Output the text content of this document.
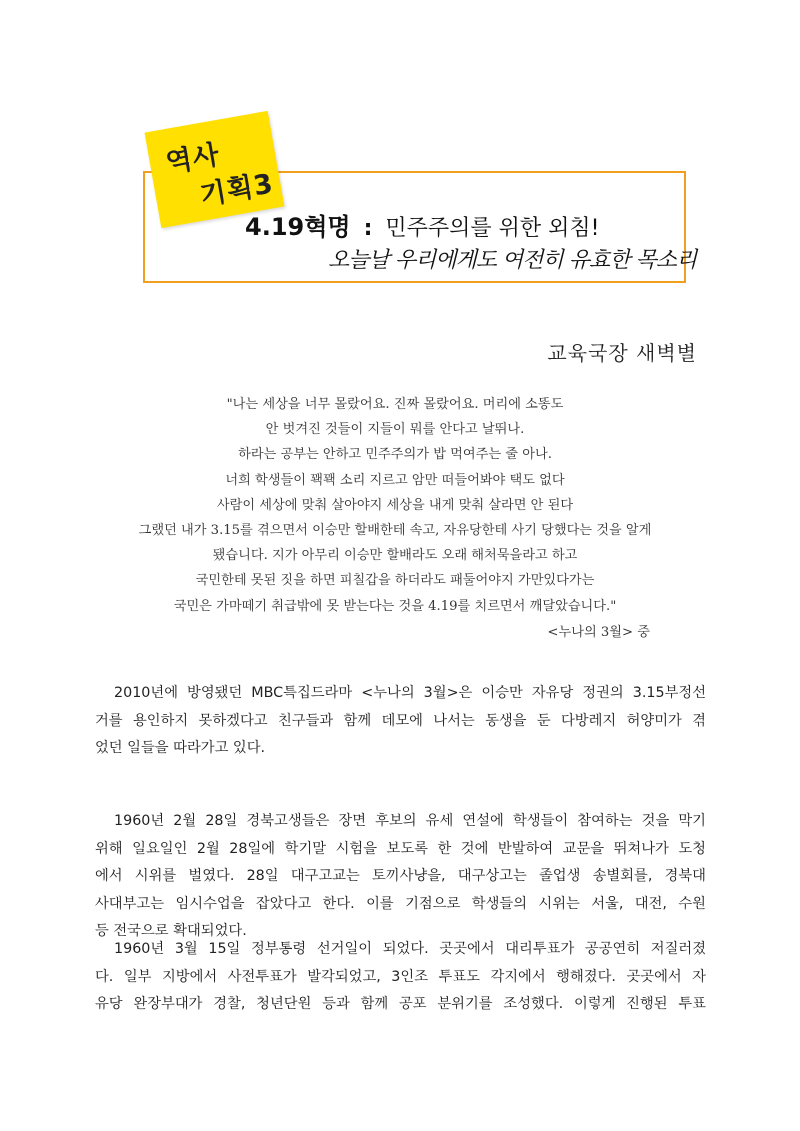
역사
기획3
4.19혁명 : 민주주의를 위한 외침!
오늘날 우리에게도 여전히 유효한 목소리
교육국장 새벽별
"나는 세상을 너무 몰랐어요. 진짜 몰랐어요. 머리에 소똥도
안 벗겨진 것들이 지들이 뭐를 안다고 날뛰나.
하라는 공부는 안하고 민주주의가 밥 먹여주는 줄 아나.
너희 학생들이 꽥꽥 소리 지르고 암만 떠들어봐야 택도 없다
사람이 세상에 맞춰 살아야지 세상을 내게 맞춰 살라면 안 된다
그랬던 내가 3.15를 겪으면서 이승만 할배한테 속고, 자유당한테 사기 당했다는 것을 알게
됐습니다. 지가 아무리 이승만 할배라도 오래 해처묵을라고 하고
국민한테 못된 짓을 하면 피칠갑을 하더라도 패둘어야지 가만있다가는
국민은 가마떼기 취급밖에 못 받는다는 것을 4.19를 치르면서 깨달았습니다."
<누나의 3월> 중
2010년에 방영됐던 MBC특집드라마 <누나의 3월>은 이승만 자유당 정권의 3.15부정선
거를 용인하지 못하겠다고 친구들과 함께 데모에 나서는 동생을 둔 다방레지 허양미가 겪
었던 일들을 따라가고 있다.
1960년 2월 28일 경북고생들은 장면 후보의 유세 연설에 학생들이 참여하는 것을 막기
위해 일요일인 2월 28일에 학기말 시험을 보도록 한 것에 반발하여 교문을 뛰쳐나가 도청
에서 시위를 벌였다. 28일 대구고교는 토끼사냥을, 대구상고는 졸업생 송별회를, 경북대
사대부고는 임시수업을 잡았다고 한다. 이를 기점으로 학생들의 시위는 서울, 대전, 수원
등 전국으로 확대되었다.
1960년 3월 15일 정부통령 선거일이 되었다. 곳곳에서 대리투표가 공공연히 저질러졌
다. 일부 지방에서 사전투표가 발각되었고, 3인조 투표도 각지에서 행해졌다. 곳곳에서 자
유당 완장부대가 경찰, 청년단원 등과 함께 공포 분위기를 조성했다. 이렇게 진행된 투표
